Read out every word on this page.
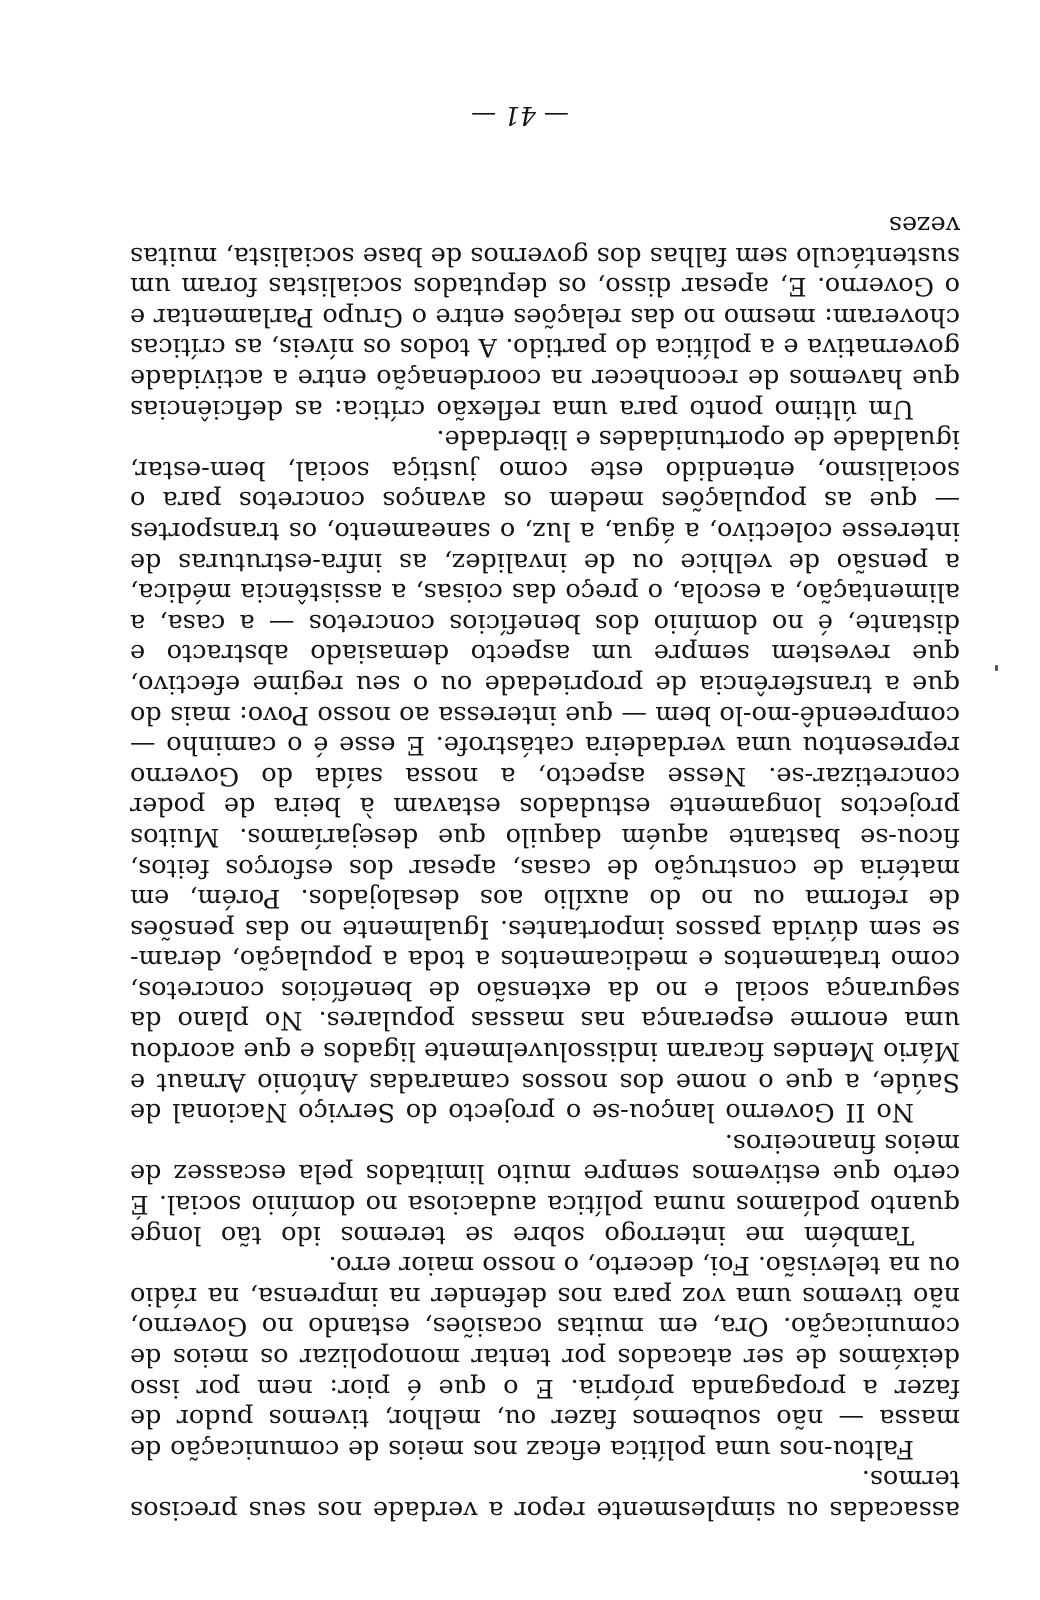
assacadas ou simplesmente repor a verdade nos seus precisos termos.

Faltou-nos uma política eficaz nos meios de comunicação de massa — não soubemos fazer ou, melhor, tivemos pudor de fazer a propaganda própria. E o que é pior: nem por isso deixámos de ser atacados por tentar monopolizar os meios de comunicação. Ora, em muitas ocasiões, estando no Governo, não tivemos uma voz para nos defender na imprensa, na rádio ou na televisão. Foi, decerto, o nosso maior erro.

Também me interrogo sobre se teremos ido tão longe quanto podíamos numa política audaciosa no domínio social. É certo que estivemos sempre muito limitados pela escassez de meios financeiros.

No II Governo lançou-se o projecto do Serviço Nacional de Saúde, a que o nome dos nossos camaradas António Arnaut e Mário Mendes ficaram indissoluvelmente ligados e que acordou uma enorme esperança nas massas populares. No plano da segurança social e no da extensão de benefícios concretos, como tratamentos e medicamentos a toda a população, deram-se sem dúvida passos importantes. Igualmente no das pensões de reforma ou no do auxílio aos desalojados. Porém, em matéria de construção de casas, apesar dos esforços feitos, ficou-se bastante aquém daquilo que desejaríamos. Muitos projectos longamente estudados estavam à beira de poder concretizar-se. Nesse aspecto, a nossa saída do Governo representou uma verdadeira catástrofe. E esse é o caminho — compreendê-mo-lo bem — que interessa ao nosso Povo: mais do que a transferência de propriedade ou o seu regime efectivo, que revestem sempre um aspecto demasiado abstracto e distante, é no domínio dos benefícios concretos — a casa, a alimentação, a escola, o preço das coisas, a assistência médica, a pensão de velhice ou de invalidez, as infra-estruturas de interesse colectivo, a água, a luz, o saneamento, os transportes — que as populações medem os avanços concretos para o socialismo, entendido este como justiça social, bem-estar, igualdade de oportunidades e liberdade.

Um último ponto para uma reflexão crítica: as deficiências que havemos de reconhecer na coordenação entre a actividade governativa e a política do partido. A todos os níveis, as críticas choveram: mesmo no das relações entre o Grupo Parlamentar e o Governo. E, apesar disso, os deputados socialistas foram um sustentáculo sem falhas dos governos de base socialista, muitas vezes

— 41 —
